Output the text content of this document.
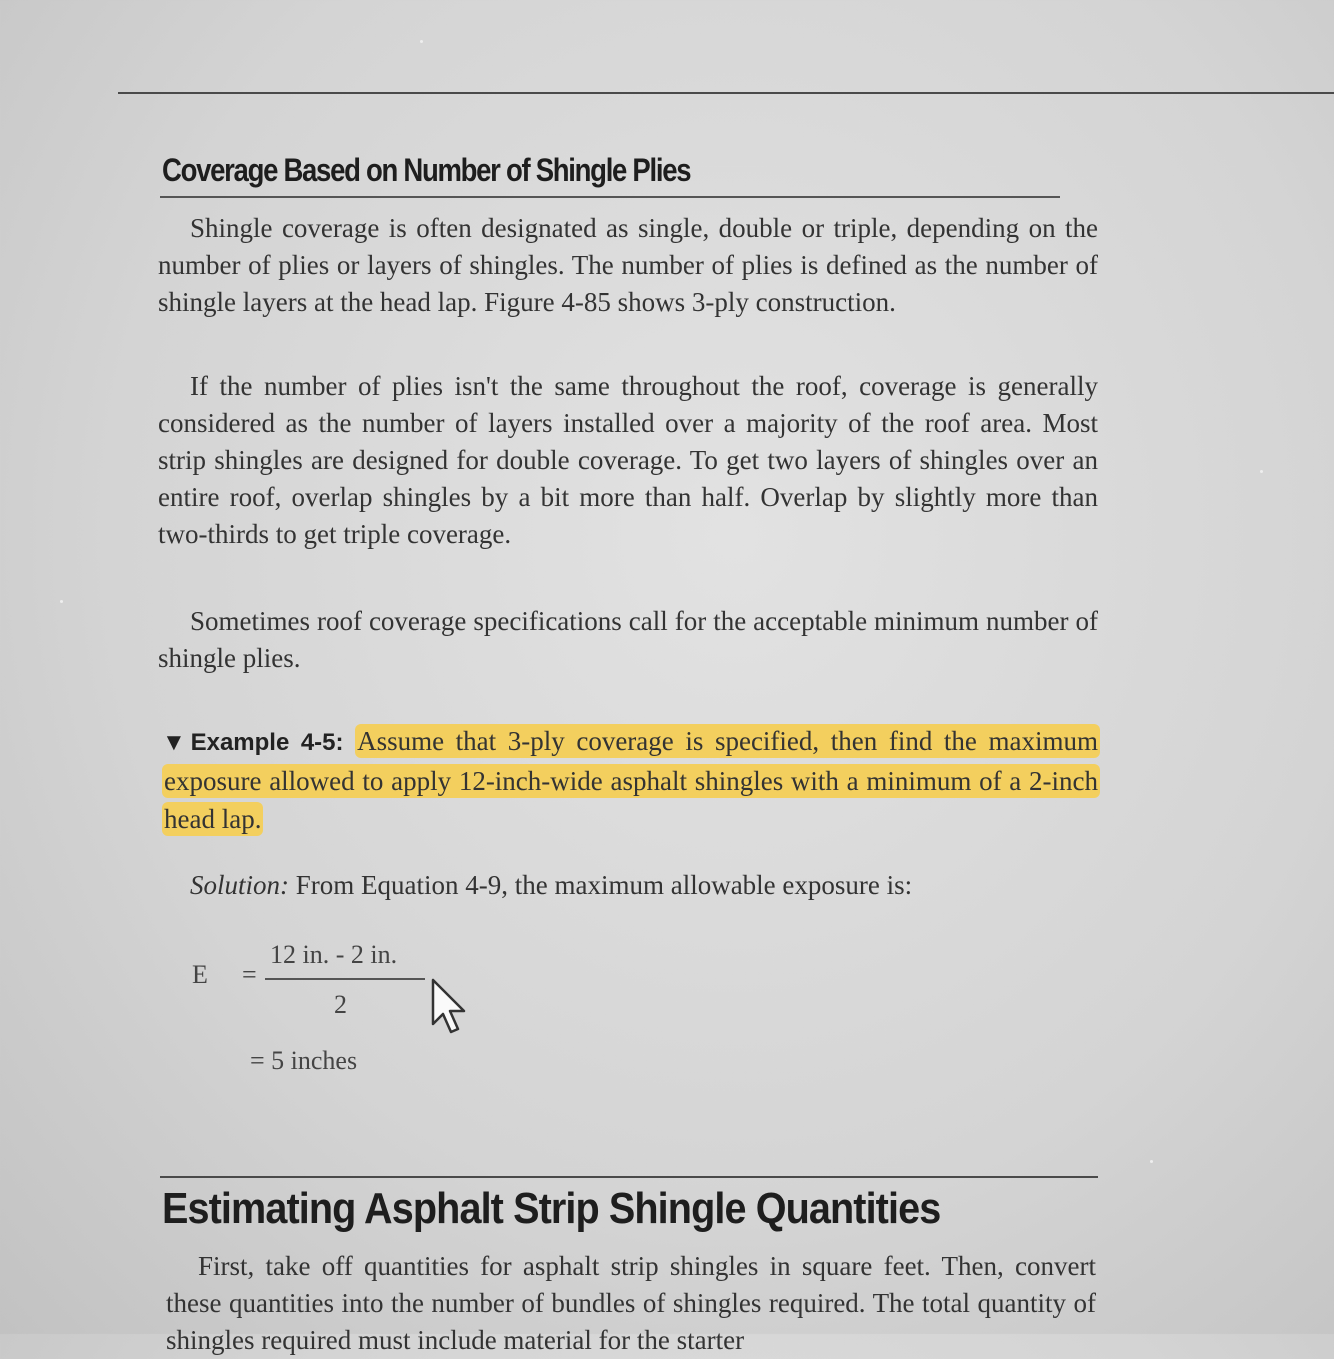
Coverage Based on Number of Shingle Plies

Shingle coverage is often designated as single, double or triple, depending on the number of plies or layers of shingles. The number of plies is defined as the number of shingle layers at the head lap. Figure 4-85 shows 3-ply construction.

If the number of plies isn't the same throughout the roof, coverage is generally considered as the number of layers installed over a majority of the roof area. Most strip shingles are designed for double coverage. To get two layers of shingles over an entire roof, overlap shingles by a bit more than half. Overlap by slightly more than two-thirds to get triple coverage.

Sometimes roof coverage specifications call for the acceptable minimum number of shingle plies.

▼Example 4-5: Assume that 3-ply coverage is specified, then find the maximum exposure allowed to apply 12-inch-wide asphalt shingles with a minimum of a 2-inch head lap.

Solution: From Equation 4-9, the maximum allowable exposure is:

E =
12 in. - 2 in.
2
= 5 inches
Estimating Asphalt Strip Shingle Quantities

First, take off quantities for asphalt strip shingles in square feet. Then, convert these quantities into the number of bundles of shingles required. The total quantity of shingles required must include material for the starter
